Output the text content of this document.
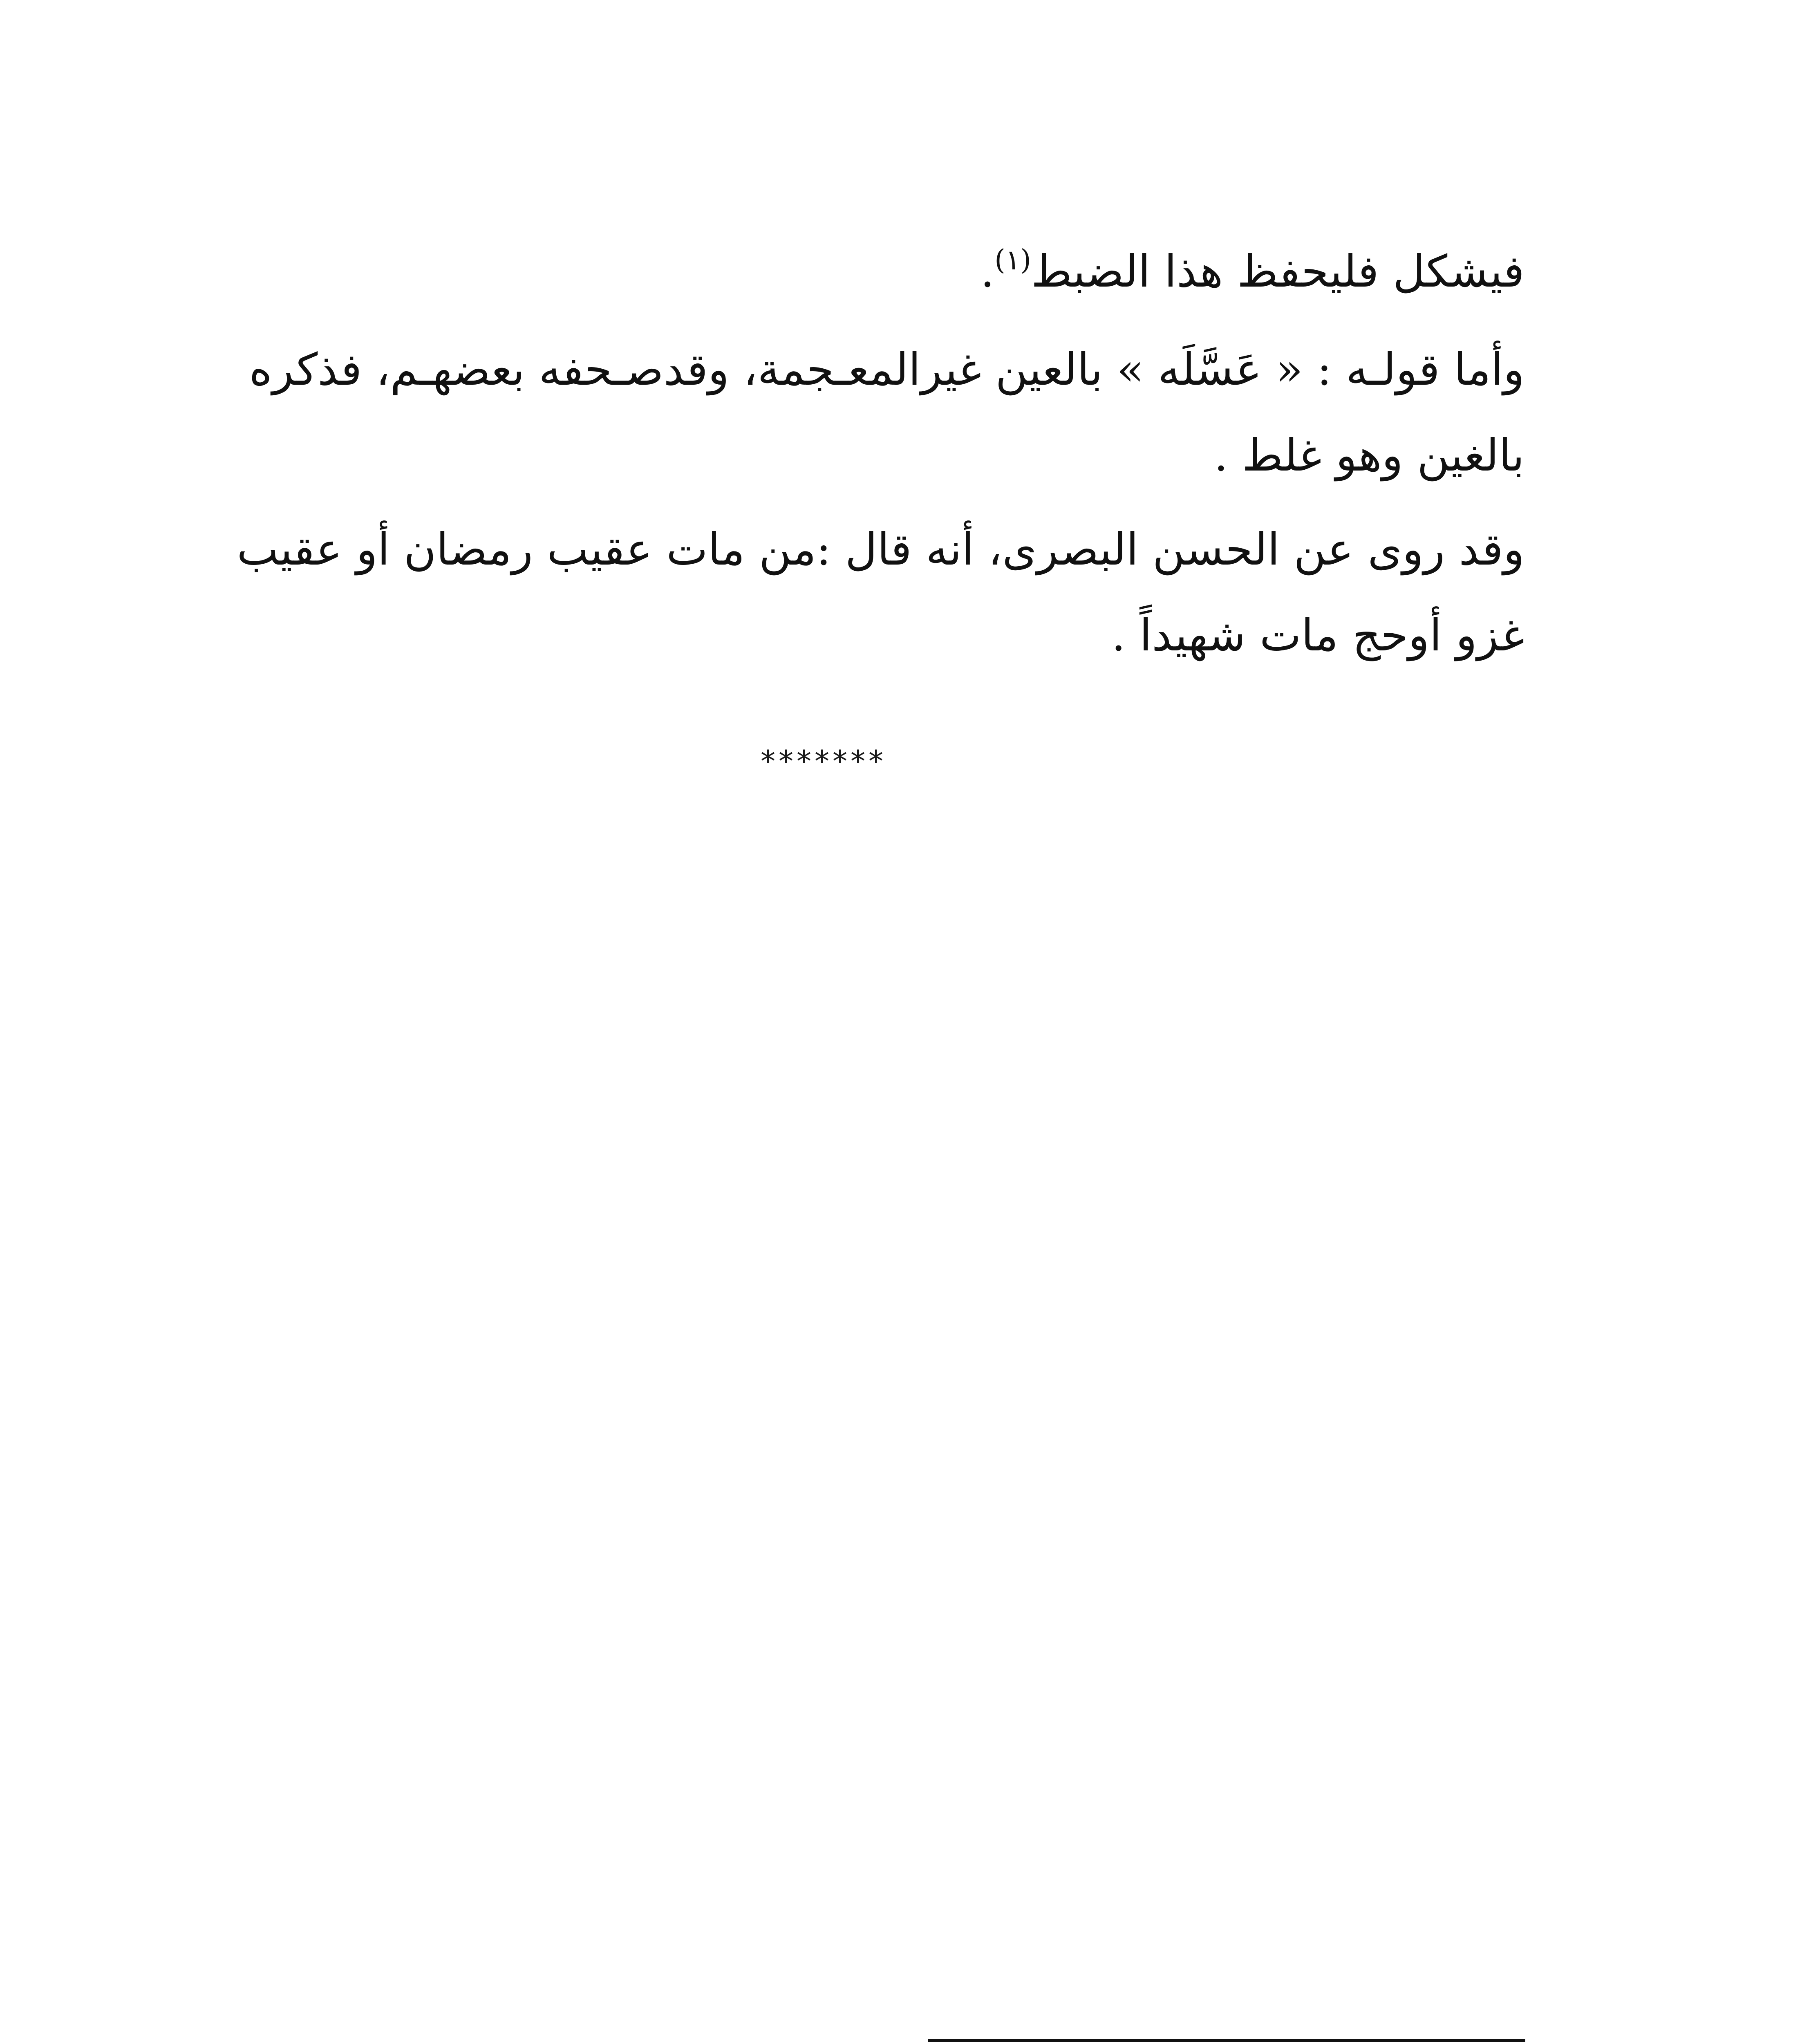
فيشكل فليحفظ هذا الضبط$^{(١)}$.

وأما قولـه : « عَسَّلَه » بالعين غيرالمعـجمة، وقدصـحفه بعضهـم، فذكره

بالغين وهو غلط .

وقد روى عن الحسن البصرى، أنه قال :من مات عقيب رمضان أو عقيب

غزو أوحج مات شهيداً .

*******
